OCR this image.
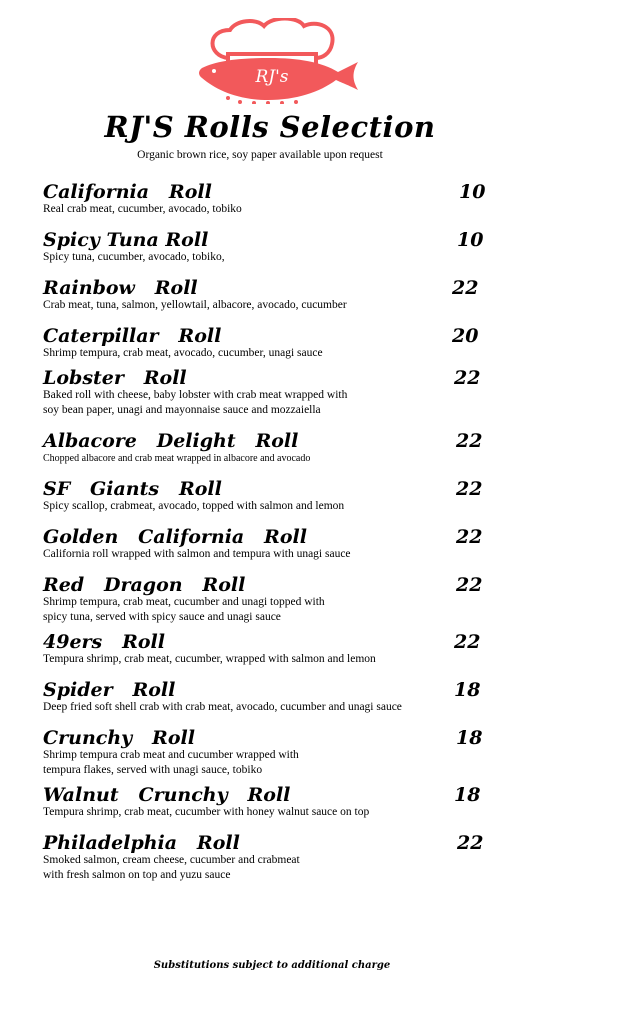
RJ's
RJ'S Rolls Selection
Organic brown rice, soy paper available upon request
California   Roll	10
Real crab meat, cucumber, avocado, tobiko
Spicy Tuna Roll	10
Spicy tuna, cucumber, avocado, tobiko,
Rainbow   Roll	22
Crab meat, tuna, salmon, yellowtail, albacore, avocado, cucumber
Caterpillar   Roll	20
Shrimp tempura, crab meat, avocado, cucumber, unagi sauce
Lobster   Roll	22
Baked roll with cheese, baby lobster with crab meat wrapped with
soy bean paper, unagi and mayonnaise sauce and mozzaiella
Albacore   Delight   Roll	22
Chopped albacore and crab meat wrapped in albacore and avocado
SF   Giants   Roll	22
Spicy scallop, crabmeat, avocado, topped with salmon and lemon
Golden   California   Roll	22
California roll wrapped with salmon and tempura with unagi sauce
Red   Dragon   Roll	22
Shrimp tempura, crab meat, cucumber and unagi topped with
spicy tuna, served with spicy sauce and unagi sauce
49ers   Roll	22
Tempura shrimp, crab meat, cucumber, wrapped with salmon and lemon
Spider   Roll	18
Deep fried soft shell crab with crab meat, avocado, cucumber and unagi sauce
Crunchy   Roll	18
Shrimp tempura crab meat and cucumber wrapped with
tempura flakes, served with unagi sauce, tobiko
Walnut   Crunchy   Roll	18
Tempura shrimp, crab meat, cucumber with honey walnut sauce on top
Philadelphia   Roll	22
Smoked salmon, cream cheese, cucumber and crabmeat
with fresh salmon on top and yuzu sauce
Substitutions subject to additional charge
